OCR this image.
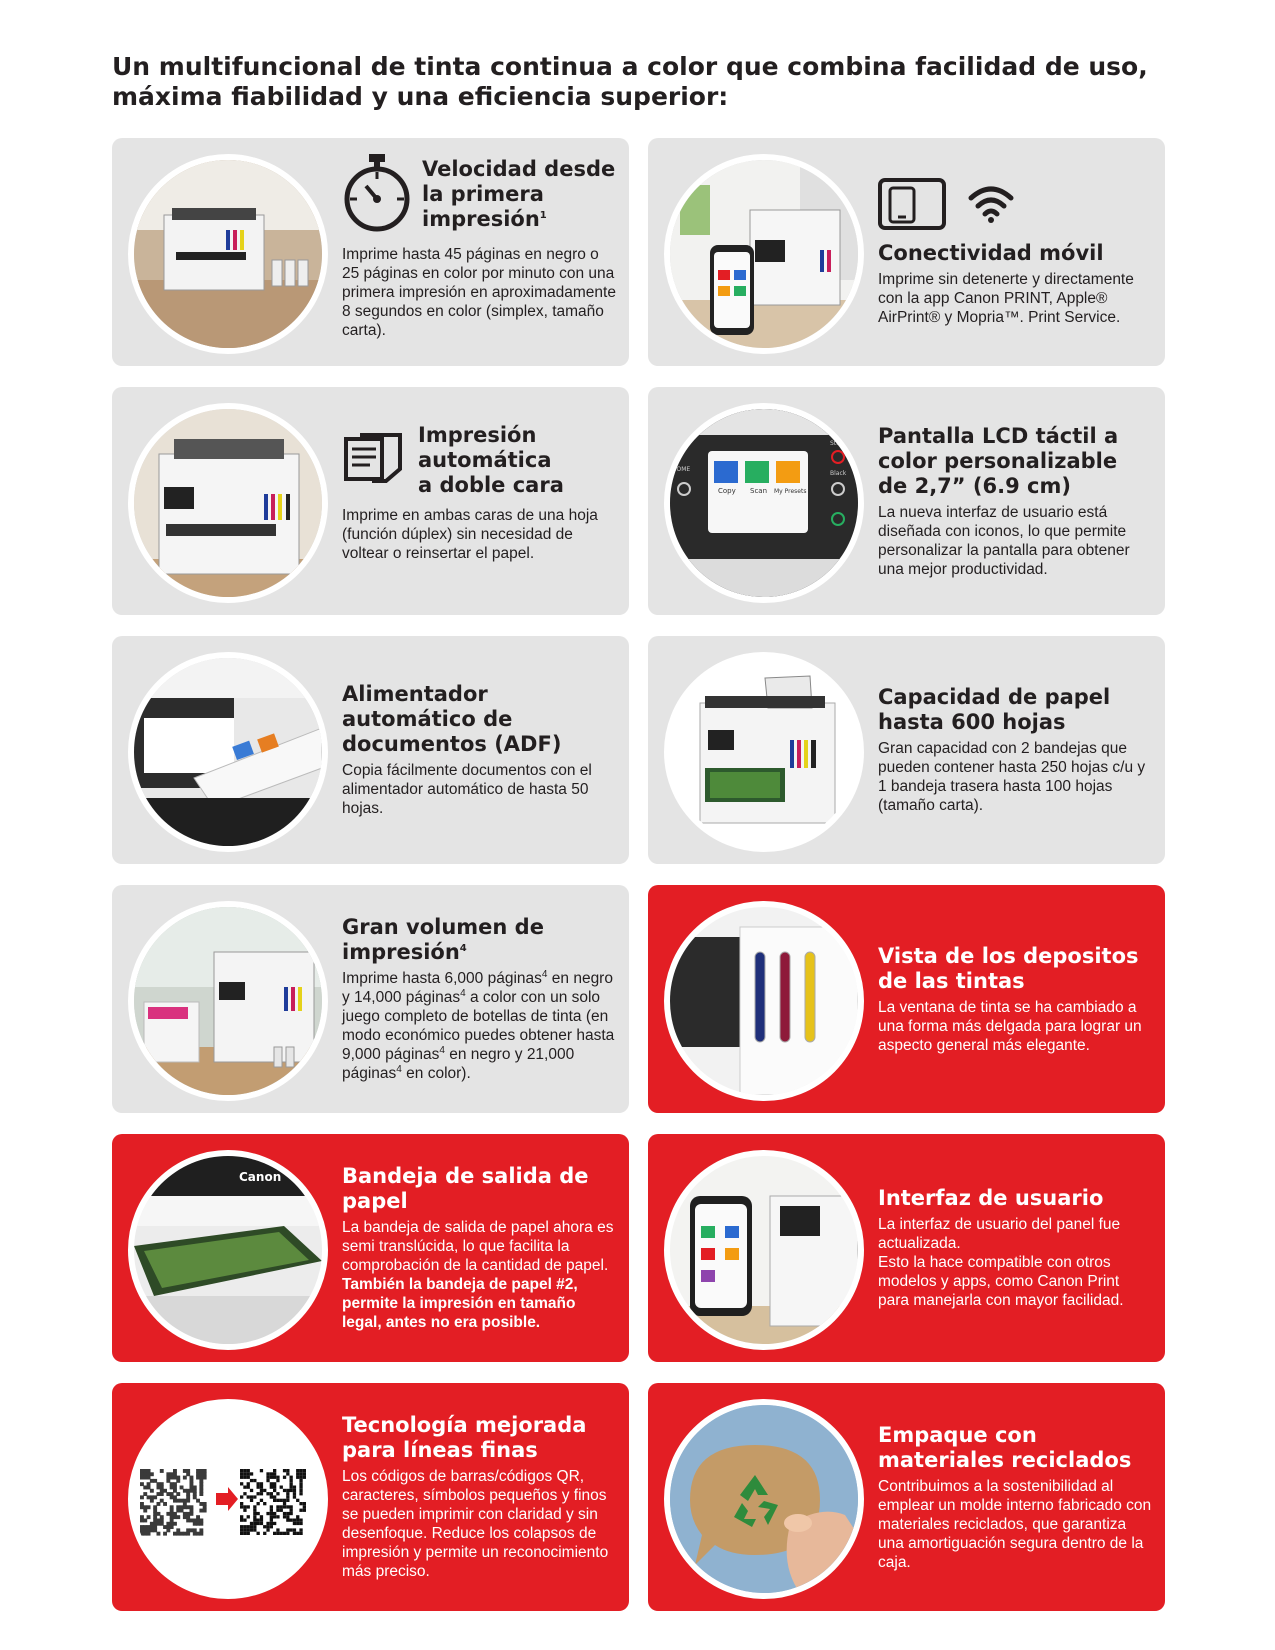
Un multifuncional de tinta continua a color que combina facilidad de uso, máxima fiabilidad y una eficiencia superior:

Velocidad desde la primera impresión$^1$

Imprime hasta 45 páginas en negro o 25 páginas en color por minuto con una primera impresión en aproximadamente 8 segundos en color (simplex, tamaño carta).

Conectividad móvil

Imprime sin detenerte y directamente con la app Canon PRINT, Apple® AirPrint® y Mopria™. Print Service.

Impresión automática a doble cara

Imprime en ambas caras de una hoja (función dúplex) sin necesidad de voltear o reinsertar el papel.

Copy Scan My Presets
HOME
Stop
Black

Pantalla LCD táctil a color personalizable de 2,7” (6.9 cm)

La nueva interfaz de usuario está diseñada con iconos, lo que permite personalizar la pantalla para obtener una mejor productividad.

Alimentador automático de documentos (ADF)

Copia fácilmente documentos con el alimentador automático de hasta 50 hojas.

Capacidad de papel hasta 600 hojas

Gran capacidad con 2 bandejas que pueden contener hasta 250 hojas c/u y 1 bandeja trasera hasta 100 hojas (tamaño carta).

Gran volumen de impresión$^4$

Imprime hasta 6,000 páginas$^4$ en negro y 14,000 páginas$^4$ a color con un solo juego completo de botellas de tinta (en modo económico puedes obtener hasta 9,000 páginas$^4$ en negro y 21,000 páginas$^4$ en color).

Vista de los depositos de las tintas

La ventana de tinta se ha cambiado a una forma más delgada para lograr un aspecto general más elegante.

Canon	Bandeja de salida de papel

La bandeja de salida de papel ahora es semi translúcida, lo que facilita la comprobación de la cantidad de papel. También la bandeja de papel #2, permite la impresión en tamaño legal, antes no era posible.

Interfaz de usuario

La interfaz de usuario del panel fue actualizada.

Esto la hace compatible con otros modelos y apps, como Canon Print para manejarla con mayor facilidad.

Tecnología mejorada para líneas finas

Los códigos de barras/códigos QR, caracteres, símbolos pequeños y finos se pueden imprimir con claridad y sin desenfoque. Reduce los colapsos de impresión y permite un reconocimiento más preciso.

Empaque con materiales reciclados

Contribuimos a la sostenibilidad al emplear un molde interno fabricado con materiales reciclados, que garantiza una amortiguación segura dentro de la caja.
